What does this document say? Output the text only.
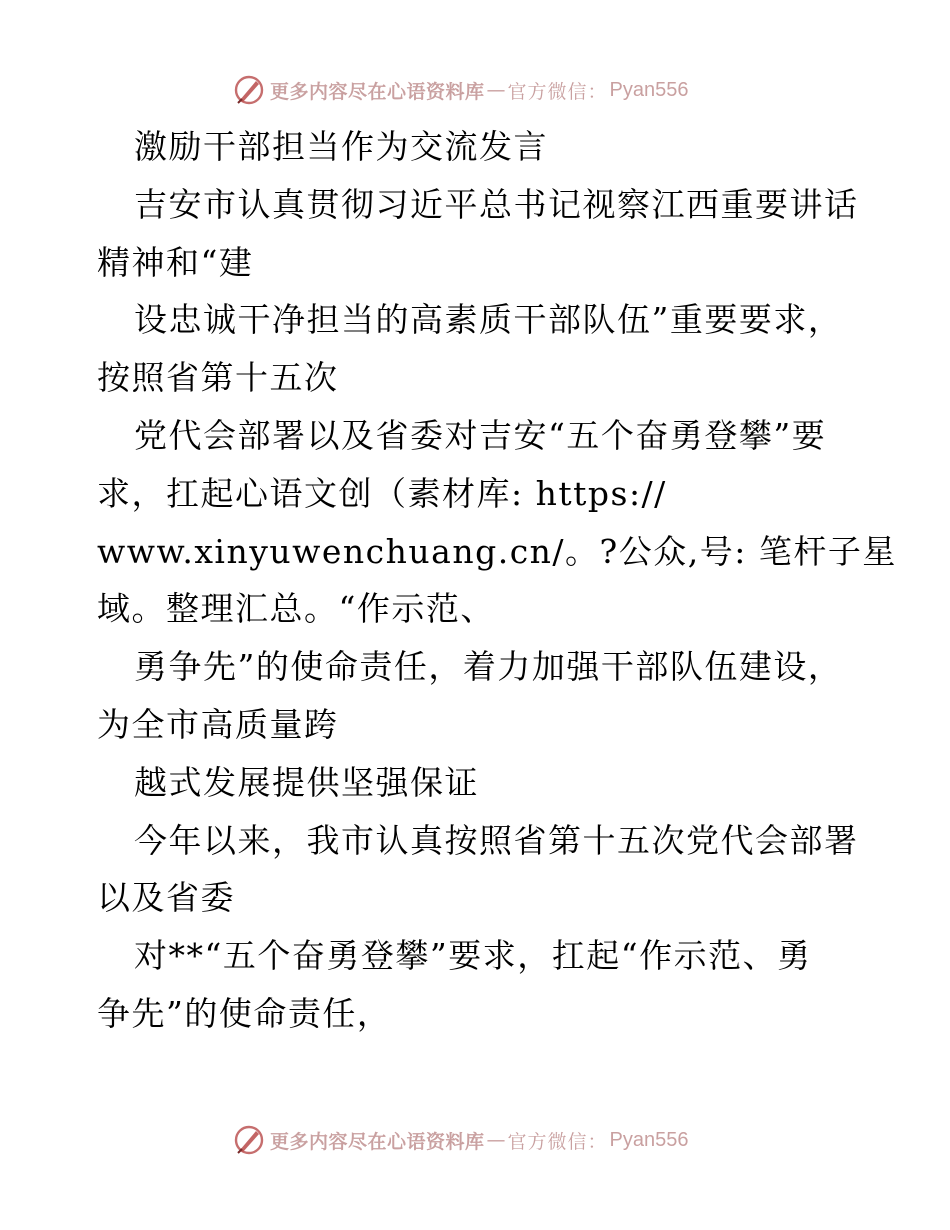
更多内容尽在心语资料库 — 官方微信： Pyan556
激励干部担当作为交流发言
吉安市认真贯彻习近平总书记视察江西重要讲话
精神和“建
设忠诚干净担当的高素质干部队伍”重要要求，
按照省第十五次
党代会部署以及省委对吉安“五个奋勇登攀”要
求，扛起心语文创（素材库: https://
www.xinyuwenchuang.cn/。?公众,号: 笔杆子星
域。整理汇总。“作示范、
勇争先”的使命责任，着力加强干部队伍建设，
为全市高质量跨
越式发展提供坚强保证
今年以来，我市认真按照省第十五次党代会部署
以及省委
对**“五个奋勇登攀”要求，扛起“作示范、勇
争先”的使命责任，
更多内容尽在心语资料库 — 官方微信： Pyan556
